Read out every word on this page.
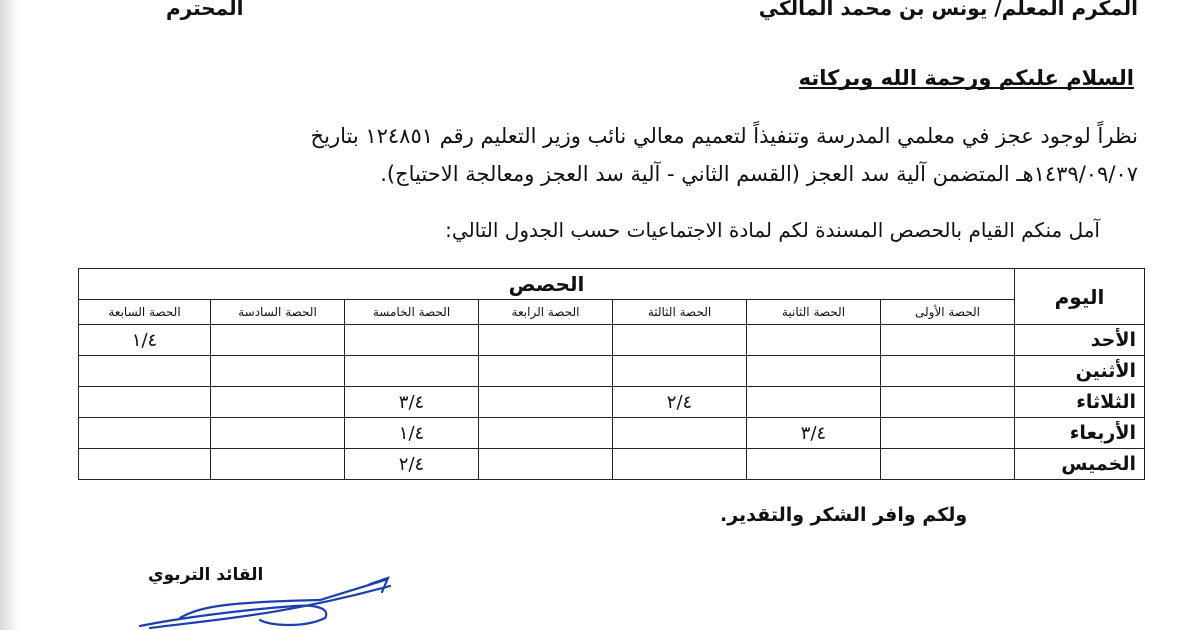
المكرم المعلم/ يونس بن محمد المالكي
المحترم
السلام عليكم ورحمة الله وبركاته
نظراً لوجود عجز في معلمي المدرسة وتنفيذاً لتعميم معالي نائب وزير التعليم رقم ١٢٤٨٥١ بتاريخ
١٤٣٩/٠٩/٠٧هـ المتضمن آلية سد العجز (القسم الثاني - آلية سد العجز ومعالجة الاحتياج).
آمل منكم القيام بالحصص المسندة لكم لمادة الاجتماعيات حسب الجدول التالي:
اليوم	الحصص						
	الحصة الأولى	الحصة الثانية	الحصة الثالثة	الحصة الرابعة	الحصة الخامسة	الحصة السادسة	الحصة السابعة
الأحد							١/٤
الأثنين							
الثلاثاء			٢/٤		٣/٤		
الأربعاء		٣/٤			١/٤		
الخميس					٢/٤		
ولكم وافر الشكر والتقدير.
القائد التربوي
